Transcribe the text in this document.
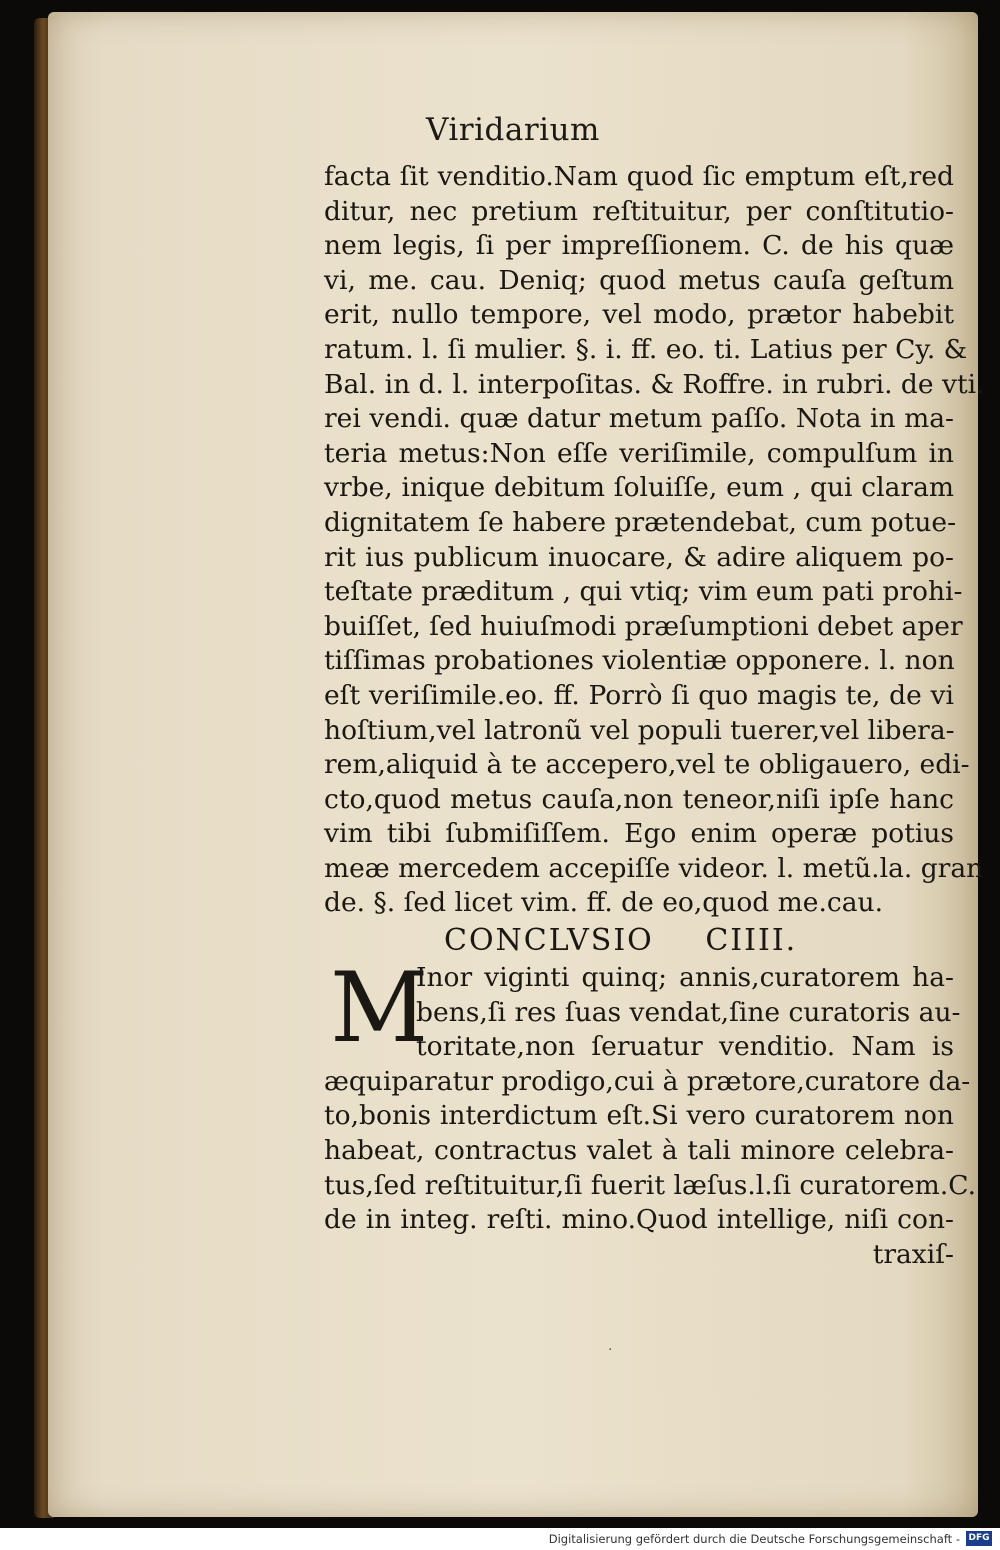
Viridarium
facta ſit venditio.Nam quod ſic emptum eſt,red
ditur, nec pretium reſtituitur, per conſtitutio-
nem legis, ſi per impreſſionem. C. de his quæ
vi, me. cau. Deniq; quod metus cauſa geſtum
erit, nullo tempore, vel modo, prætor habebit
ratum. l. ſi mulier. §. i. ff. eo. ti. Latius per Cy. &
Bal. in d. l. interpoſitas. & Roffre. in rubri. de vti.
rei vendi. quæ datur metum paſſo. Nota in ma-
teria metus:Non eſſe veriſimile, compulſum in
vrbe, inique debitum ſoluiſſe, eum , qui claram
dignitatem ſe habere prætendebat, cum potue-
rit ius publicum inuocare, & adire aliquem po-
teſtate præditum , qui vtiq; vim eum pati prohi-
buiſſet, ſed huiuſmodi præſumptioni debet aper
tiſſimas probationes violentiæ opponere. l. non
eſt veriſimile.eo. ff. Porrò ſi quo magis te, de vi
hoſtium,vel latronũ vel populi tuerer,vel libera-
rem,aliquid à te accepero,vel te obligauero, edi-
cto,quod metus cauſa,non teneor,niſi ipſe hanc
vim tibi ſubmiſiſſem. Ego enim operæ potius
meæ mercedem accepiſſe videor. l. metũ.la. gran
de. §. ſed licet vim. ff. de eo,quod me.cau.
CONCLVSIO CIIII.
M
Inor viginti quinq; annis,curatorem ha-
bens,ſi res ſuas vendat,ſine curatoris au-
toritate,non ſeruatur venditio. Nam is
æquiparatur prodigo,cui à prætore,curatore da-
to,bonis interdictum eſt.Si vero curatorem non
habeat, contractus valet à tali minore celebra-
tus,ſed reſtituitur,ſi fuerit læſus.l.ſi curatorem.C.
de in integ. reſti. mino.Quod intellige, niſi con-
traxiſ-
·
Digitalisierung gefördert durch die Deutsche Forschungsgemeinschaft - DFG
